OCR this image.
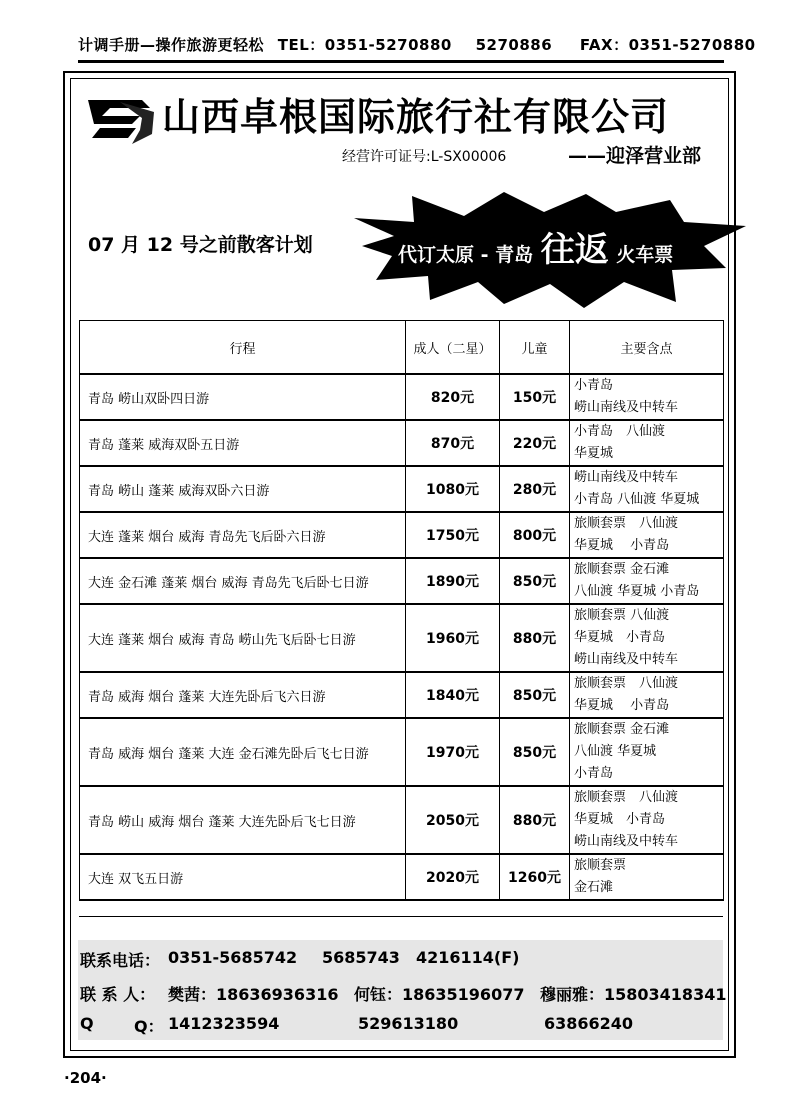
计调手册—操作旅游更轻松 TEL：0351-5270880 5270886 FAX：0351-5270880
山西卓根国际旅行社有限公司
经营许可证号:L-SX00006	——迎泽营业部
07 月 12 号之前散客计划	代订太原 - 青岛 往返 火车票
行程	成人（二星）	儿童	主要含点
青岛 崂山双卧四日游	820元	150元	小青岛
崂山南线及中转车

青岛 蓬莱 威海双卧五日游	870元	220元	小青岛　八仙渡
华夏城

青岛 崂山 蓬莱 威海双卧六日游	1080元	280元	崂山南线及中转车
小青岛 八仙渡 华夏城

大连 蓬莱 烟台 威海 青岛先飞后卧六日游	1750元	800元	旅顺套票　八仙渡
华夏城　 小青岛

大连 金石滩 蓬莱 烟台 威海 青岛先飞后卧七日游	1890元	850元	旅顺套票 金石滩
八仙渡 华夏城 小青岛

大连 蓬莱 烟台 威海 青岛 崂山先飞后卧七日游	1960元	880元	旅顺套票 八仙渡
华夏城　小青岛
崂山南线及中转车

青岛 威海 烟台 蓬莱 大连先卧后飞六日游	1840元	850元	旅顺套票　八仙渡
华夏城　 小青岛

青岛 威海 烟台 蓬莱 大连 金石滩先卧后飞七日游	1970元	850元	旅顺套票 金石滩
八仙渡 华夏城
小青岛

青岛 崂山 威海 烟台 蓬莱 大连先卧后飞七日游	2050元	880元	旅顺套票　八仙渡
华夏城　小青岛
崂山南线及中转车

大连 双飞五日游	2020元	1260元	旅顺套票
金石滩
联系电话： 0351-5685742 5685743 4216114(F)
联 系 人： 樊茜：18636936316 何钰：18635196077 穆丽雅：15803418341
Q	Q： 1412323594	529613180	63866240
·204·
